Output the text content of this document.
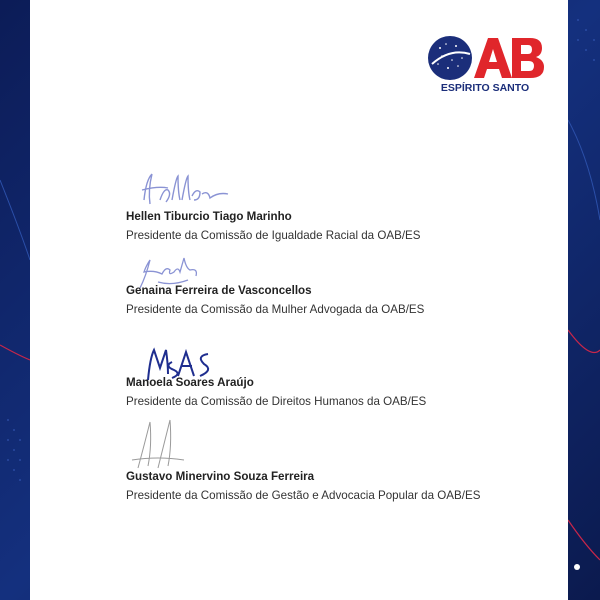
ESPÍRITO SANTO
Hellen Tiburcio Tiago Marinho
Presidente da Comissão de Igualdade Racial da OAB/ES
Genaina Ferreira de Vasconcellos
Presidente da Comissão da Mulher Advogada da OAB/ES
Manoela Soares Araújo
Presidente da Comissão de Direitos Humanos da OAB/ES
Gustavo Minervino Souza Ferreira
Presidente da Comissão de Gestão e Advocacia Popular da OAB/ES
